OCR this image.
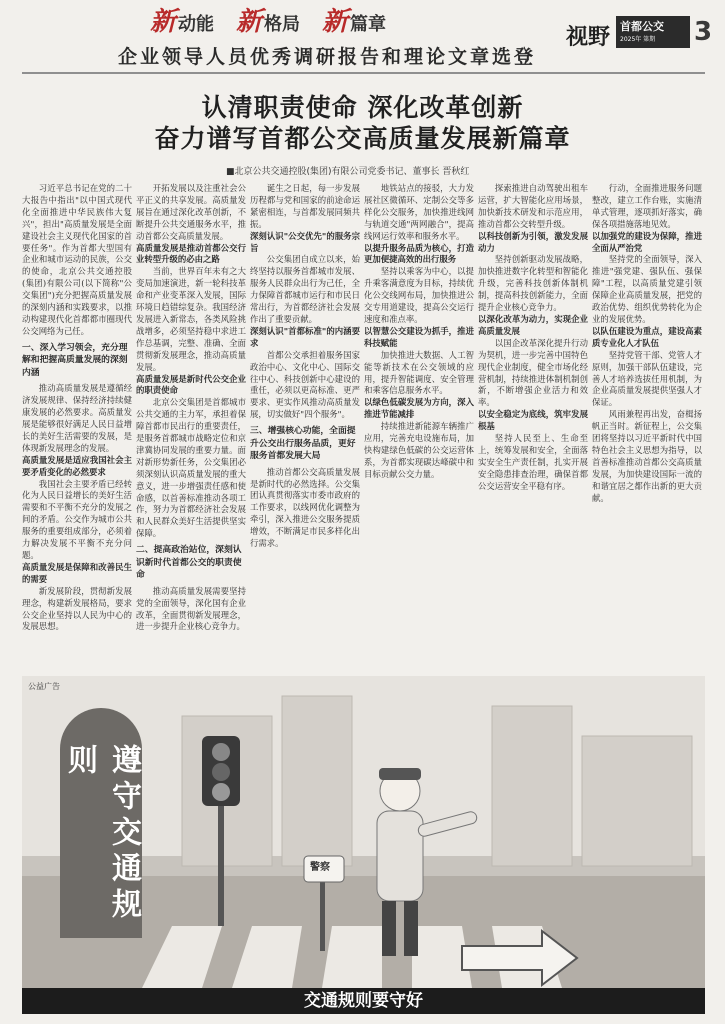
新 动能 新 格局 新 篇章
企业领导人员优秀调研报告和理论文章选登
视野 首都公交
2025年 第期 3
认清职责使命 深化改革创新
奋力谱写首都公交高质量发展新篇章
■北京公共交通控股(集团)有限公司党委书记、董事长 晋秋红

习近平总书记在党的二十大报告中指出"以中国式现代化全面推进中华民族伟大复兴"，担出"高质量发展是全面建设社会主义现代化国家的首要任务"。作为首都大型国有企业和城市运动的民族，公交的使命，北京公共交通控股(集团)有限公司(以下简称"公交集团")充分把握高质量发展的深刻内涵和实践要求，以推动构建现代化首都都市圈现代公交网络为己任。

一、深入学习领会，充分理解和把握高质量发展的深刻内涵

推动高质量发展是遵循经济发展规律、保持经济持续健康发展的必然要求。高质量发展是能够很好满足人民日益增长的美好生活需要的发展，是体现新发展理念的发展。

高质量发展是适应我国社会主要矛盾变化的必然要求

我国社会主要矛盾已经转化为人民日益增长的美好生活需要和不平衡不充分的发展之间的矛盾。公交作为城市公共服务的重要组成部分，必须着力解决发展不平衡不充分问题。

高质量发展是保障和改善民生的需要

新发展阶段，贯彻新发展理念，构建新发展格局，要求公交企业坚持以人民为中心的发展思想。

开拓发展以及注重社会公平正义的共享发展。高质量发展旨在通过深化改革创新，不断提升公共交通服务水平，推动首都公交高质量发展。

高质量发展是推动首都公交行业转型升级的必由之路

当前，世界百年未有之大变局加速演进，新一轮科技革命和产业变革深入发展，国际环境日趋错综复杂。我国经济发展进入新常态，各类风险挑战增多，必须坚持稳中求进工作总基调，完整、准确、全面贯彻新发展理念，推动高质量发展。

高质量发展是新时代公交企业的职责使命

北京公交集团是首都城市公共交通的主力军，承担着保障首都市民出行的重要责任，是服务首都城市战略定位和京津冀协同发展的重要力量。面对新形势新任务，公交集团必须深刻认识高质量发展的重大意义，进一步增强责任感和使命感，以首善标准推动各项工作，努力为首都经济社会发展和人民群众美好生活提供坚实保障。

二、提高政治站位，深刻认识新时代首都公交的职责使命

推动高质量发展需要坚持党的全面领导，深化国有企业改革，全面贯彻新发展理念，进一步提升企业核心竞争力。

诞生之日起，每一步发展历程都与党和国家的前途命运紧密相连，与首都发展同频共振。

深刻认识"公交优先"的服务宗旨

公交集团自成立以来，始终坚持以服务首都城市发展、服务人民群众出行为己任，全力保障首都城市运行和市民日常出行，为首都经济社会发展作出了重要贡献。

深刻认识"首都标准"的内涵要求

首都公交承担着服务国家政治中心、文化中心、国际交往中心、科技创新中心建设的重任，必须以更高标准、更严要求、更实作风推动高质量发展，切实做好"四个服务"。

三、增强核心功能，全面提升公交出行服务品质，更好服务首都发展大局

推动首都公交高质量发展是新时代的必然选择。公交集团认真贯彻落实市委市政府的工作要求，以线网优化调整为牵引，深入推进公交服务提质增效，不断满足市民多样化出行需求。

地铁站点的接驳，大力发展社区微循环、定制公交等多样化公交服务，加快推进线网与轨道交通"两网融合"，提高线网运行效率和服务水平。

以提升服务品质为核心，打造更加便捷高效的出行服务

坚持以乘客为中心，以提升乘客满意度为目标，持续优化公交线网布局，加快推进公交专用道建设，提高公交运行速度和准点率。

以智慧公交建设为抓手，推进科技赋能

加快推进大数据、人工智能等新技术在公交领域的应用，提升智能调度、安全管理和乘客信息服务水平。

以绿色低碳发展为方向，深入推进节能减排

持续推进新能源车辆推广应用，完善充电设施布局，加快构建绿色低碳的公交运营体系，为首都实现碳达峰碳中和目标贡献公交力量。

探索推进自动驾驶出租车运营，扩大智能化应用场景，加快新技术研发和示范应用，推动首都公交转型升级。

以科技创新为引领，激发发展动力

坚持创新驱动发展战略，加快推进数字化转型和智能化升级，完善科技创新体制机制，提高科技创新能力，全面提升企业核心竞争力。

以深化改革为动力，实现企业高质量发展

以国企改革深化提升行动为契机，进一步完善中国特色现代企业制度，健全市场化经营机制，持续推进体制机制创新，不断增强企业活力和效率。

以安全稳定为底线，筑牢发展根基

坚持人民至上、生命至上，统筹发展和安全，全面落实安全生产责任制，扎实开展安全隐患排查治理，确保首都公交运营安全平稳有序。

行动，全面推进服务问题整改，建立工作台账，实施清单式管理，逐项抓好落实，确保各项措施落地见效。

以加强党的建设为保障，推进全面从严治党

坚持党的全面领导，深入推进"强党建、强队伍、强保障"工程，以高质量党建引领保障企业高质量发展，把党的政治优势、组织优势转化为企业的发展优势。

以队伍建设为重点，建设高素质专业化人才队伍

坚持党管干部、党管人才原则，加强干部队伍建设，完善人才培养选拔任用机制，为企业高质量发展提供坚强人才保证。

风雨兼程再出发，奋楫扬帆正当时。新征程上，公交集团将坚持以习近平新时代中国特色社会主义思想为指导，以首善标准推动首都公交高质量发展，为加快建设国际一流的和谐宜居之都作出新的更大贡献。

警察
公益广告
遵守交通规则
交通规则要守好
